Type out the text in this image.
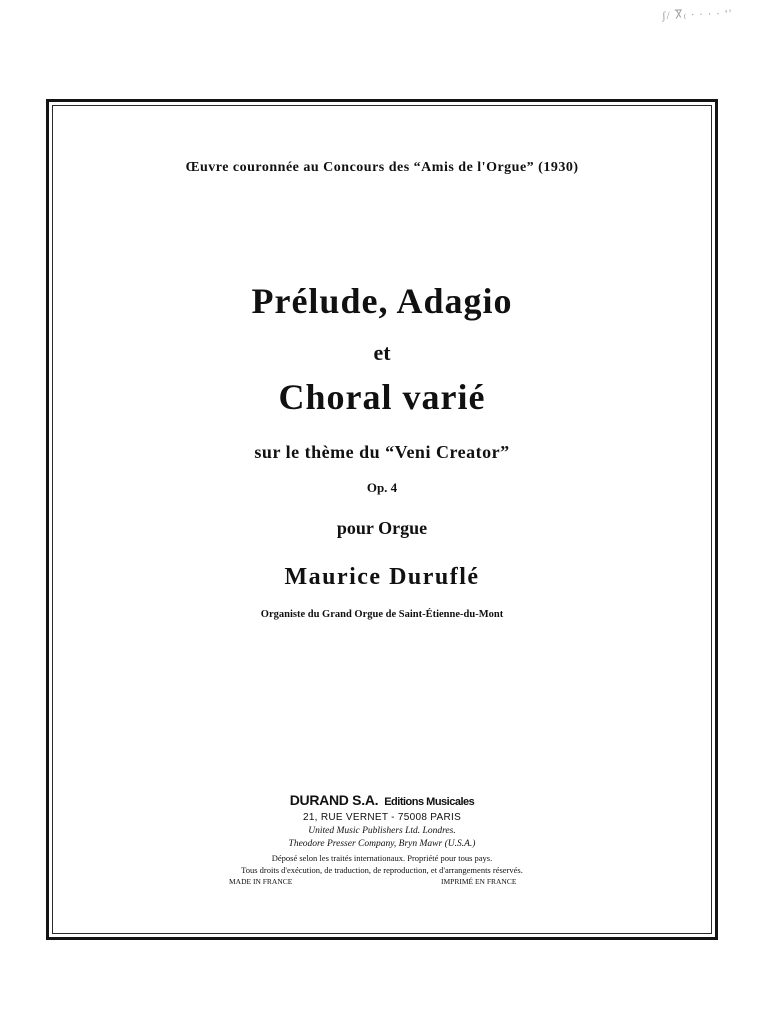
ʃ/ Ⴟ₍ · · · · ʻ'
Œuvre couronnée au Concours des “Amis de l'Orgue” (1930)
Prélude, Adagio
et
Choral varié
sur le thème du “Veni Creator”
Op. 4
pour Orgue
Maurice Duruflé
Organiste du Grand Orgue de Saint-Étienne-du-Mont
DURAND S.A. Editions Musicales
21, RUE VERNET - 75008 PARIS
United Music Publishers Ltd. Londres.
Theodore Presser Company, Bryn Mawr (U.S.A.)
Déposé selon les traités internationaux. Propriété pour tous pays.
Tous droits d'exécution, de traduction, de reproduction, et d'arrangements réservés.
MADE IN FRANCE	IMPRIMÉ EN FRANCE
